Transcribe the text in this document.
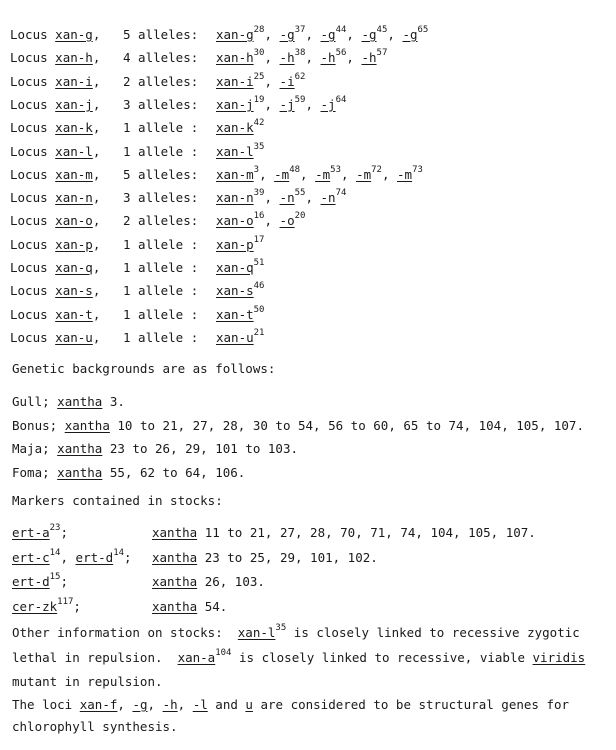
Locus xan-g, 5 alleles: xan-$g^{28}$, $-g^{37}$, $-g^{44}$, $-g^{45}$, $-g^{65}$
Locus xan-h, 4 alleles: xan-$h^{30}$, $-h^{38}$, $-h^{56}$, $-h^{57}$
Locus xan-i, 2 alleles: xan-$i^{25}$, $-i^{62}$
Locus xan-j, 3 alleles: xan-$j^{19}$, $-j^{59}$, $-j^{64}$
Locus xan-k, 1 allele : xan-$k^{42}$
Locus xan-l, 1 allele : xan-$l^{35}$
Locus xan-m, 5 alleles: xan-$m^3$, $-m^{48}$, $-m^{53}$, $-m^{72}$, $-m^{73}$
Locus xan-n, 3 alleles: xan-$n^{39}$, $-n^{55}$, $-n^{74}$
Locus xan-o, 2 alleles: xan-$o^{16}$, $-o^{20}$
Locus xan-p, 1 allele : xan-$p^{17}$
Locus xan-q, 1 allele : xan-$q^{51}$
Locus xan-s, 1 allele : xan-$s^{46}$
Locus xan-t, 1 allele : xan-$t^{50}$
Locus xan-u, 1 allele : xan-$u^{21}$
Genetic backgrounds are as follows:
Gull; xantha 3.
Bonus; xantha 10 to 21, 27, 28, 30 to 54, 56 to 60, 65 to 74, 104, 105, 107.
Maja; xantha 23 to 26, 29, 101 to 103.
Foma; xantha 55, 62 to 64, 106.
Markers contained in stocks:
ert-$a^{23}$;	xantha 11 to 21, 27, 28, 70, 71, 74, 104, 105, 107.
ert-$c^{14}$, ert-$d^{14}$; xantha 23 to 25, 29, 101, 102.
ert-$d^{15}$;	xantha 26, 103.
cer-$zk^{117}$;	xantha 54.
Other information on stocks: xan-$l^{35}$ is closely linked to recessive zygotic
lethal in repulsion. xan-$a^{104}$ is closely linked to recessive, viable viridis
mutant in repulsion.
The loci xan-f, -g, -h, -l and u are considered to be structural genes for
chlorophyll synthesis.
